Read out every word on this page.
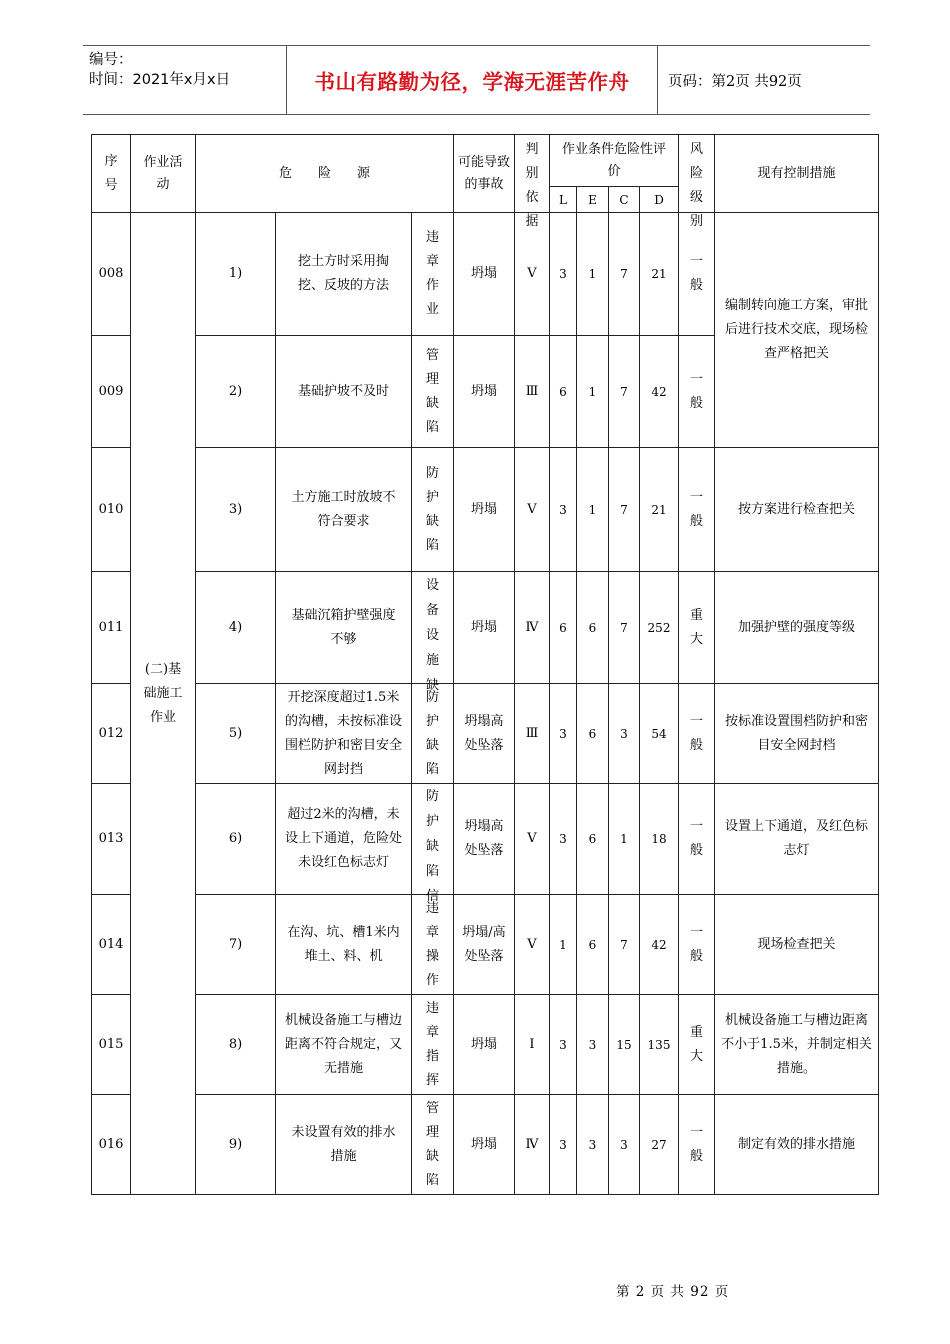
编号：
时间：2021年x月x日	书山有路勤为径，学海无涯苦作舟	页码：第2页 共92页
序号	作业活动	危　　险　　源			可能导致的事故	判别依据	作业条件危险性评价				风险级别	现有控制措施
							L	E	C	D		
008	(二)基础施工作业	1)	挖土方时采用掏挖、反坡的方法	违章作业	坍塌	Ⅴ	3	1	7	21	一般	编制转向施工方案，审批后进行技术交底，现场检查严格把关
009		2)	基础护坡不及时	管理缺陷	坍塌	Ⅲ	6	1	7	42	一般	

010		3)	土方施工时放坡不符合要求	防护缺陷	坍塌	Ⅴ	3	1	7	21	一般	按方案进行检查把关
011		4)	基础沉箱护壁强度不够	设备设施缺	坍塌	Ⅳ	6	6	7	252	重大	加强护壁的强度等级
012		5)	开挖深度超过1.5米的沟槽，未按标准设围栏防护和密目安全网封挡	防护缺陷	坍塌高处坠落	Ⅲ	3	6	3	54	一般	按标准设置围档防护和密目安全网封档
013		6)	超过2米的沟槽，未设上下通道，危险处未设红色标志灯	防护缺陷信	坍塌高处坠落	Ⅴ	3	6	1	18	一般	设置上下通道，及红色标志灯
014		7)	在沟、坑、槽1米内堆土、料、机	违章操作	坍塌/高处坠落	Ⅴ	1	6	7	42	一般	现场检查把关
015		8)	机械设备施工与槽边距离不符合规定，又无措施	违章指挥	坍塌	Ⅰ	3	3	15	135	重大	机械设备施工与槽边距离不小于1.5米，并制定相关措施。
016		9)	未设置有效的排水措施	管理缺陷	坍塌	Ⅳ	3	3	3	27	一般	制定有效的排水措施
第 2 页 共 92 页
